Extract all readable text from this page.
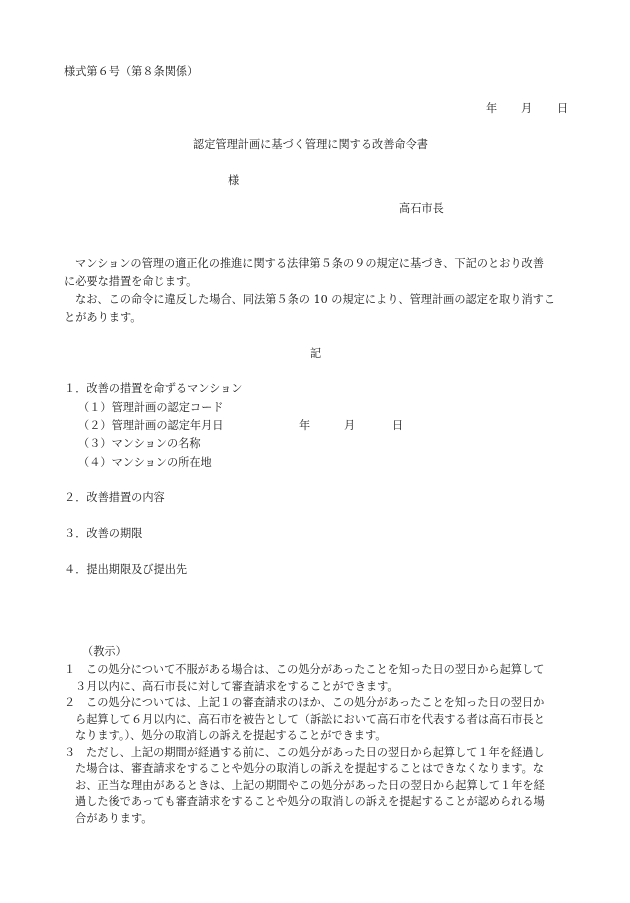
様式第６号（第８条関係）
年 月 日
認定管理計画に基づく管理に関する改善命令書
様
高石市長

マンションの管理の適正化の推進に関する法律第５条の９の規定に基づき、下記のとおり改善

に必要な措置を命じます。

なお、この命令に違反した場合、同法第５条の 10 の規定により、管理計画の認定を取り消すこ

とがあります。

記
１．改善の措置を命ずるマンション
（１）管理計画の認定コード
（２）管理計画の認定年月日	年	月	日
（３）マンションの名称
（４）マンションの所在地
２．改善措置の内容
３．改善の期限
４．提出期限及び提出先
（教示）

１ この処分について不服がある場合は、この処分があったことを知った日の翌日から起算して

３月以内に、高石市長に対して審査請求をすることができます。

２ この処分については、上記１の審査請求のほか、この処分があったことを知った日の翌日か

ら起算して６月以内に、高石市を被告として（訴訟において高石市を代表する者は高石市長と

なります。）、処分の取消しの訴えを提起することができます。

３ ただし、上記の期間が経過する前に、この処分があった日の翌日から起算して１年を経過し

た場合は、審査請求をすることや処分の取消しの訴えを提起することはできなくなります。な

お、正当な理由があるときは、上記の期間やこの処分があった日の翌日から起算して１年を経

過した後であっても審査請求をすることや処分の取消しの訴えを提起することが認められる場

合があります。
